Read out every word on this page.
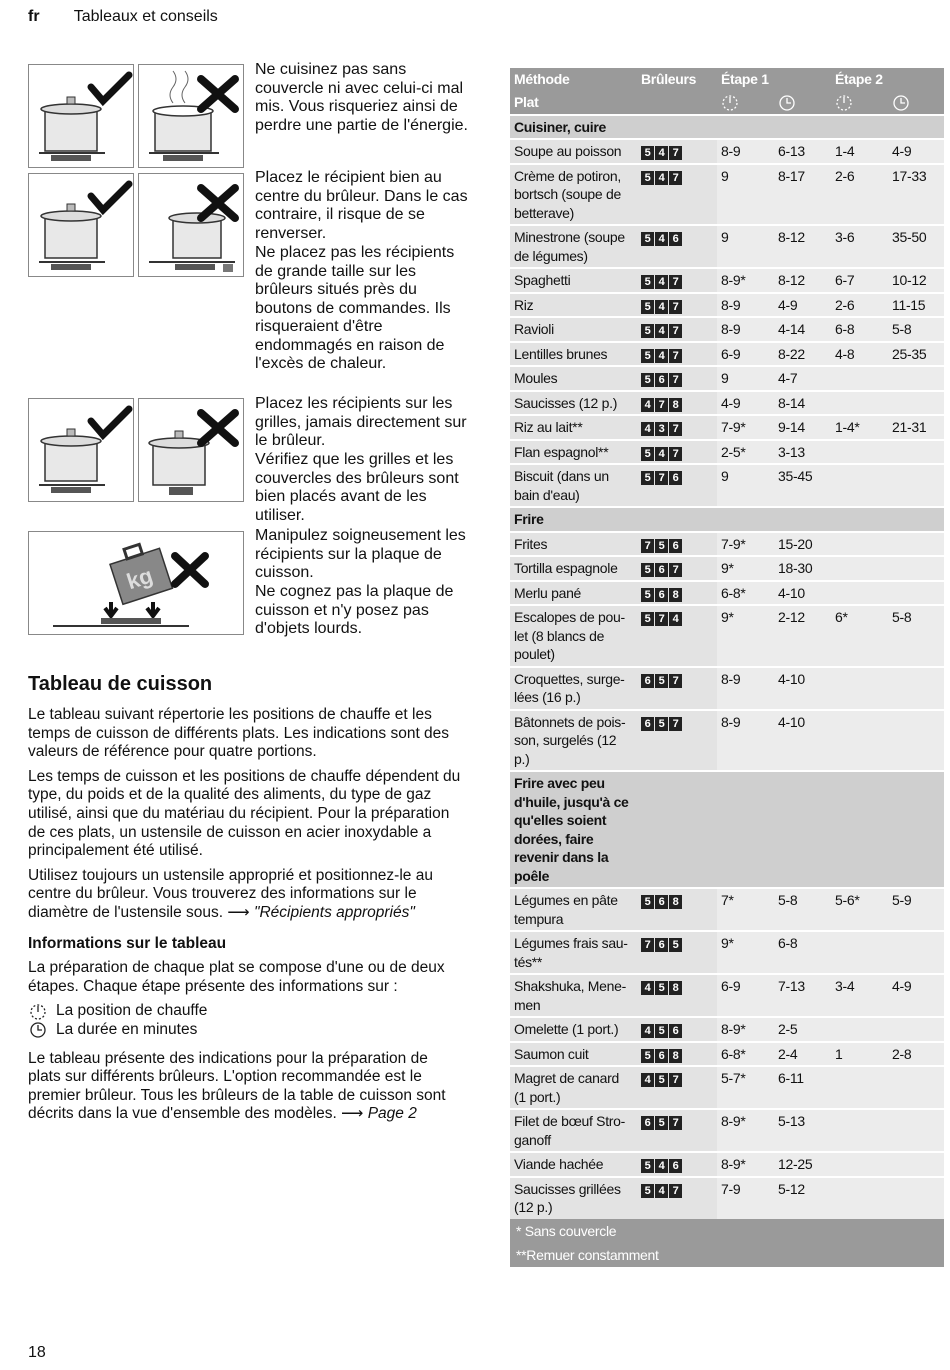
fr Tableaux et conseils
kg

Ne cuisinez pas sans couvercle ni avec celui-ci mal mis. Vous risqueriez ainsi de perdre une partie de l'énergie.

Placez le récipient bien au centre du brûleur. Dans le cas contraire, il risque de se renverser.

Ne placez pas les récipients de grande taille sur les brûleurs situés près du boutons de commandes. Ils risqueraient d'être endommagés en raison de l'excès de chaleur.

Placez les récipients sur les grilles, jamais directement sur le brûleur.

Vérifiez que les grilles et les couvercles des brûleurs sont bien placés avant de les utiliser.

Manipulez soigneusement les récipients sur la plaque de cuisson.

Ne cognez pas la plaque de cuisson et n'y posez pas d'objets lourds.

Tableau de cuisson

Le tableau suivant répertorie les positions de chauffe et les temps de cuisson de différents plats. Les indications sont des valeurs de référence pour quatre portions.

Les temps de cuisson et les positions de chauffe dépendent du type, du poids et de la qualité des aliments, du type de gaz utilisé, ainsi que du matériau du récipient. Pour la préparation de ces plats, un ustensile de cuisson en acier inoxydable a principalement été utilisé.

Utilisez toujours un ustensile approprié et positionnez-le au centre du brûleur. Vous trouverez des informations sur le diamètre de l'ustensile sous. ⟶ "Récipients appropriés"

Informations sur le tableau

La préparation de chaque plat se compose d'une ou de deux étapes. Chaque étape présente des informations sur :

La position de chauffe
La durée en minutes

Le tableau présente des indications pour la préparation de plats sur différents brûleurs. L'option recommandée est le premier brûleur. Tous les brûleurs de la table de cuisson sont décrits dans la vue d'ensemble des modèles. ⟶ Page 2

Méthode	Brûleurs	Étape 1		Étape 2	
Plat					
Cuisiner, cuire					
Soupe au poisson	5 4 7	8-9	6-13	1-4	4-9
Crème de potiron, bortsch (soupe de betterave)	5 4 7	9	8-17	2-6	17-33
Minestrone (soupe de légumes)	5 4 6	9	8-12	3-6	35-50
Spaghetti	5 4 7	8-9*	8-12	6-7	10-12
Riz	5 4 7	8-9	4-9	2-6	11-15
Ravioli	5 4 7	8-9	4-14	6-8	5-8
Lentilles brunes	5 4 7	6-9	8-22	4-8	25-35
Moules	5 6 7	9	4-7		
Saucisses (12 p.)	4 7 8	4-9	8-14		
Riz au lait**	4 3 7	7-9*	9-14	1-4*	21-31
Flan espagnol**	5 4 7	2-5*	3-13		
Biscuit (dans un bain d'eau)	5 7 6	9	35-45		
Frire					
Frites	7 5 6	7-9*	15-20		
Tortilla espagnole	5 6 7	9*	18-30		
Merlu pané	5 6 8	6-8*	4-10		
Escalopes de pou-let (8 blancs de poulet)	5 7 4	9*	2-12	6*	5-8
Croquettes, surge-lées (16 p.)	6 5 7	8-9	4-10		
Bâtonnets de pois-son, surgelés (12 p.)	6 5 7	8-9	4-10		
Frire avec peu d'huile, jusqu'à ce qu'elles soient dorées, faire revenir dans la poêle					
Légumes en pâte tempura	5 6 8	7*	5-8	5-6*	5-9
Légumes frais sau-tés**	7 6 5	9*	6-8		
Shakshuka, Mene-men	4 5 8	6-9	7-13	3-4	4-9
Omelette (1 port.)	4 5 6	8-9*	2-5		
Saumon cuit	5 6 8	6-8*	2-4	1	2-8
Magret de canard (1 port.)	4 5 7	5-7*	6-11		
Filet de bœuf Stro-ganoff	6 5 7	8-9*	5-13		
Viande hachée	5 4 6	8-9*	12-25		
Saucisses grillées (12 p.)	5 4 7	7-9	5-12		
* Sans couvercle					
**Remuer constamment					
18
